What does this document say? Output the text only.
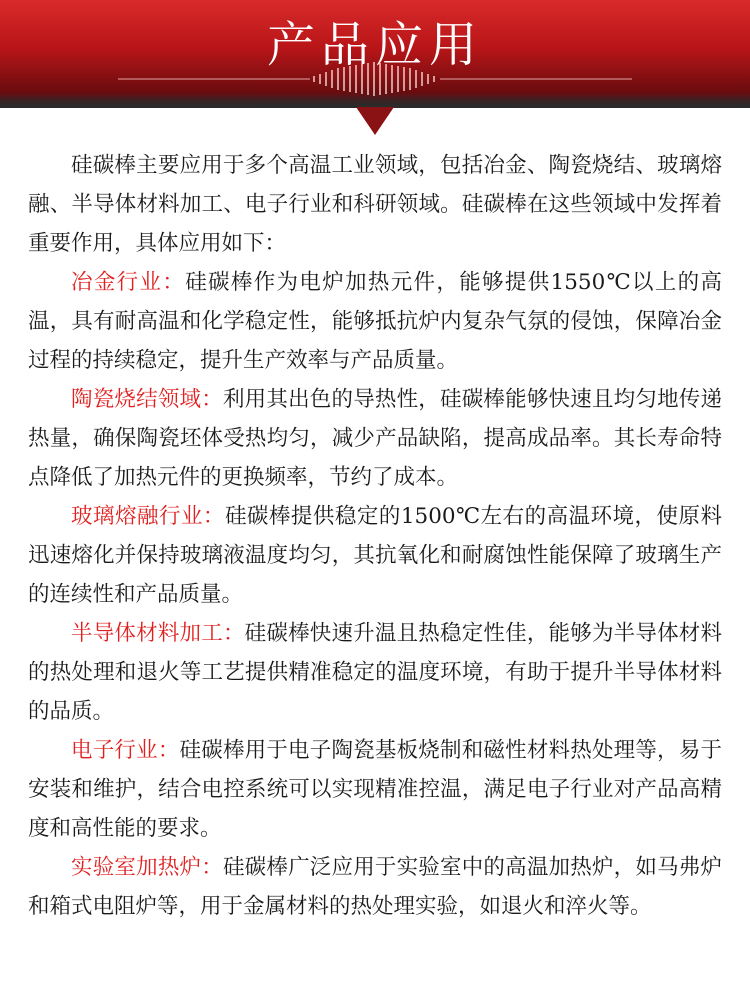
产品应用

硅碳棒主要应用于多个高温工业领域，包括冶金、陶瓷烧结、玻璃熔融、半导体材料加工、电子行业和科研领域。硅碳棒在这些领域中发挥着重要作用，具体应用如下：

冶金行业：硅碳棒作为电炉加热元件，能够提供1550℃以上的高温，具有耐高温和化学稳定性，能够抵抗炉内复杂气氛的侵蚀，保障冶金过程的持续稳定，提升生产效率与产品质量。

陶瓷烧结领域：利用其出色的导热性，硅碳棒能够快速且均匀地传递热量，确保陶瓷坯体受热均匀，减少产品缺陷，提高成品率。其长寿命特点降低了加热元件的更换频率，节约了成本。

玻璃熔融行业：硅碳棒提供稳定的1500℃左右的高温环境，使原料迅速熔化并保持玻璃液温度均匀，其抗氧化和耐腐蚀性能保障了玻璃生产的连续性和产品质量。

半导体材料加工：硅碳棒快速升温且热稳定性佳，能够为半导体材料的热处理和退火等工艺提供精准稳定的温度环境，有助于提升半导体材料的品质。

电子行业：硅碳棒用于电子陶瓷基板烧制和磁性材料热处理等，易于安装和维护，结合电控系统可以实现精准控温，满足电子行业对产品高精度和高性能的要求。

实验室加热炉：硅碳棒广泛应用于实验室中的高温加热炉，如马弗炉和箱式电阻炉等，用于金属材料的热处理实验，如退火和淬火等。
